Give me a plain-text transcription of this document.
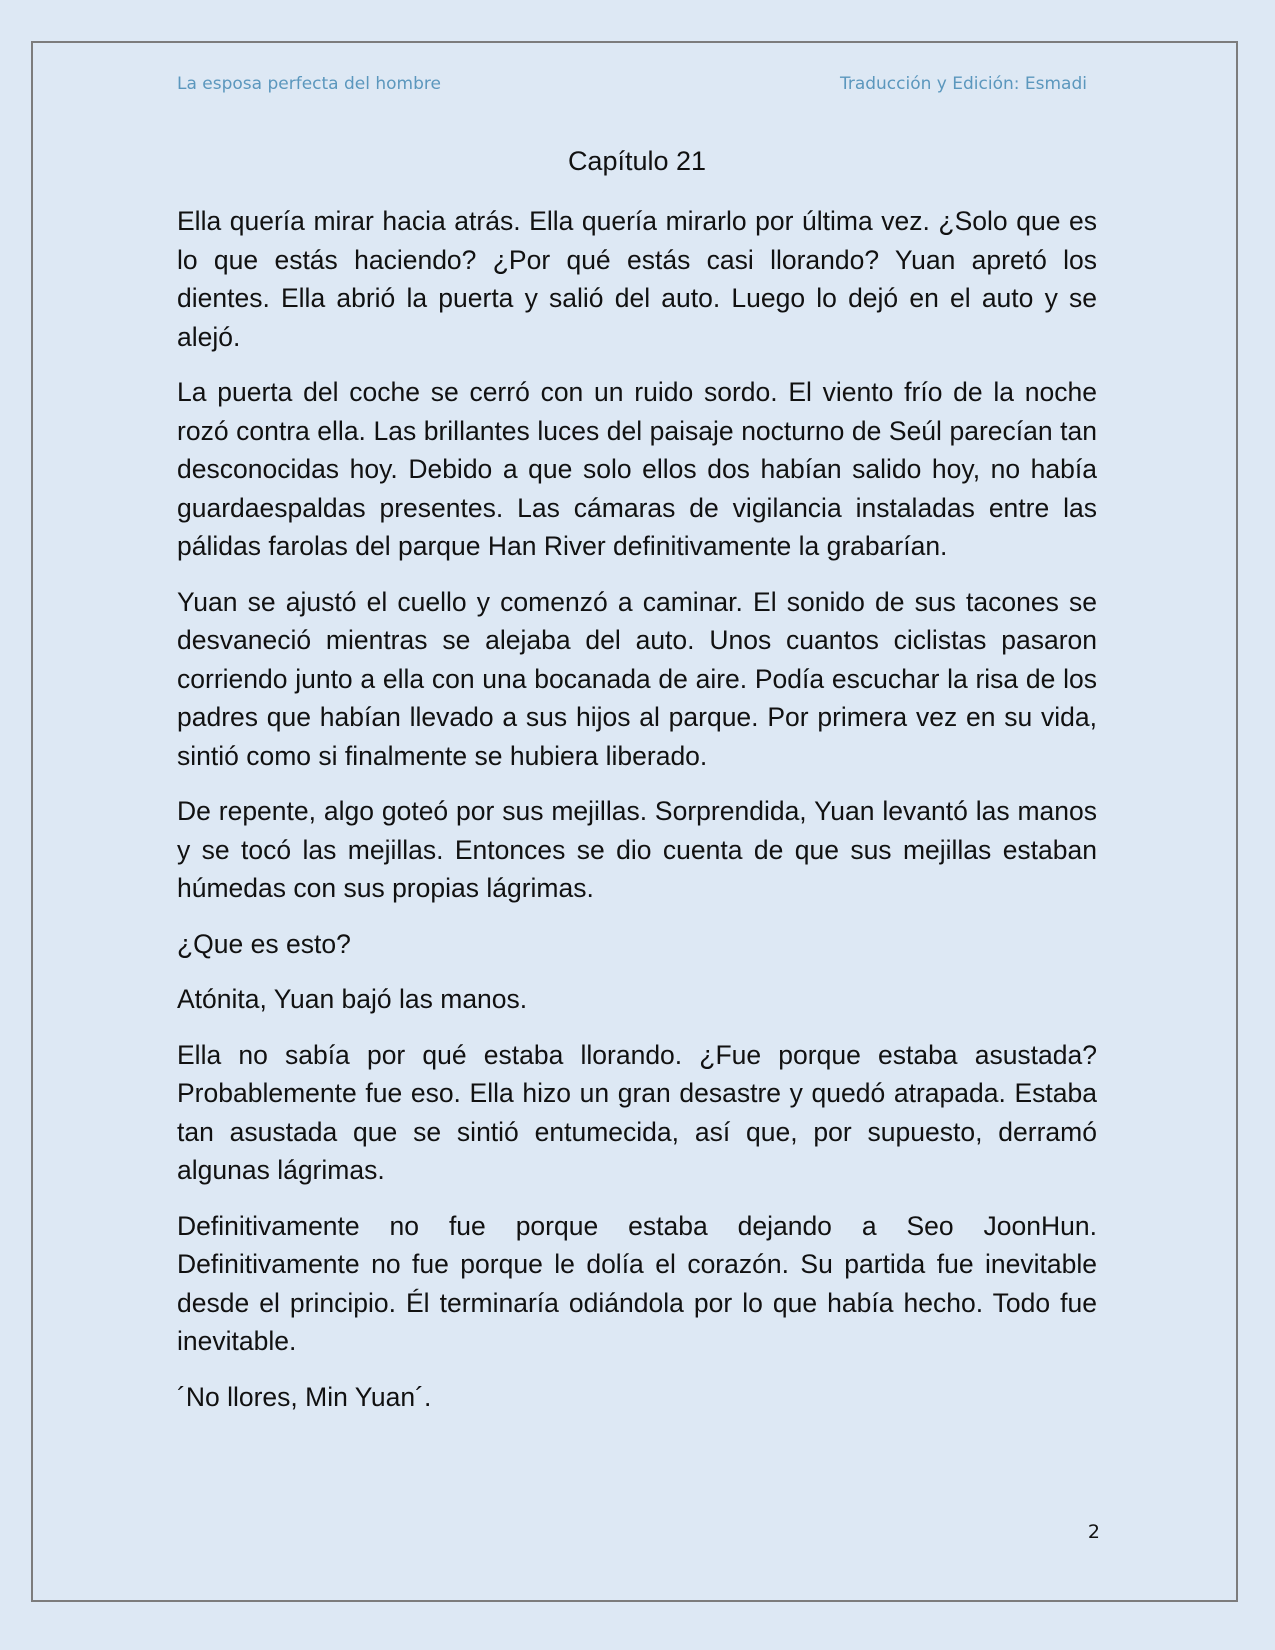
La esposa perfecta del hombre	Traducción y Edición: Esmadi
Capítulo 21

Ella quería mirar hacia atrás. Ella quería mirarlo por última vez. ¿Solo que es lo que estás haciendo? ¿Por qué estás casi llorando? Yuan apretó los dientes. Ella abrió la puerta y salió del auto. Luego lo dejó en el auto y se alejó.

La puerta del coche se cerró con un ruido sordo. El viento frío de la noche rozó contra ella. Las brillantes luces del paisaje nocturno de Seúl parecían tan desconocidas hoy. Debido a que solo ellos dos habían salido hoy, no había guardaespaldas presentes. Las cámaras de vigilancia instaladas entre las pálidas farolas del parque Han River definitivamente la grabarían.

Yuan se ajustó el cuello y comenzó a caminar. El sonido de sus tacones se desvaneció mientras se alejaba del auto. Unos cuantos ciclistas pasaron corriendo junto a ella con una bocanada de aire. Podía escuchar la risa de los padres que habían llevado a sus hijos al parque. Por primera vez en su vida, sintió como si finalmente se hubiera liberado.

De repente, algo goteó por sus mejillas. Sorprendida, Yuan levantó las manos y se tocó las mejillas. Entonces se dio cuenta de que sus mejillas estaban húmedas con sus propias lágrimas.

¿Que es esto?

Atónita, Yuan bajó las manos.

Ella no sabía por qué estaba llorando. ¿Fue porque estaba asustada? Probablemente fue eso. Ella hizo un gran desastre y quedó atrapada. Estaba tan asustada que se sintió entumecida, así que, por supuesto, derramó algunas lágrimas.

Definitivamente no fue porque estaba dejando a Seo JoonHun. Definitivamente no fue porque le dolía el corazón. Su partida fue inevitable desde el principio. Él terminaría odiándola por lo que había hecho. Todo fue inevitable.

´No llores, Min Yuan´.

2
